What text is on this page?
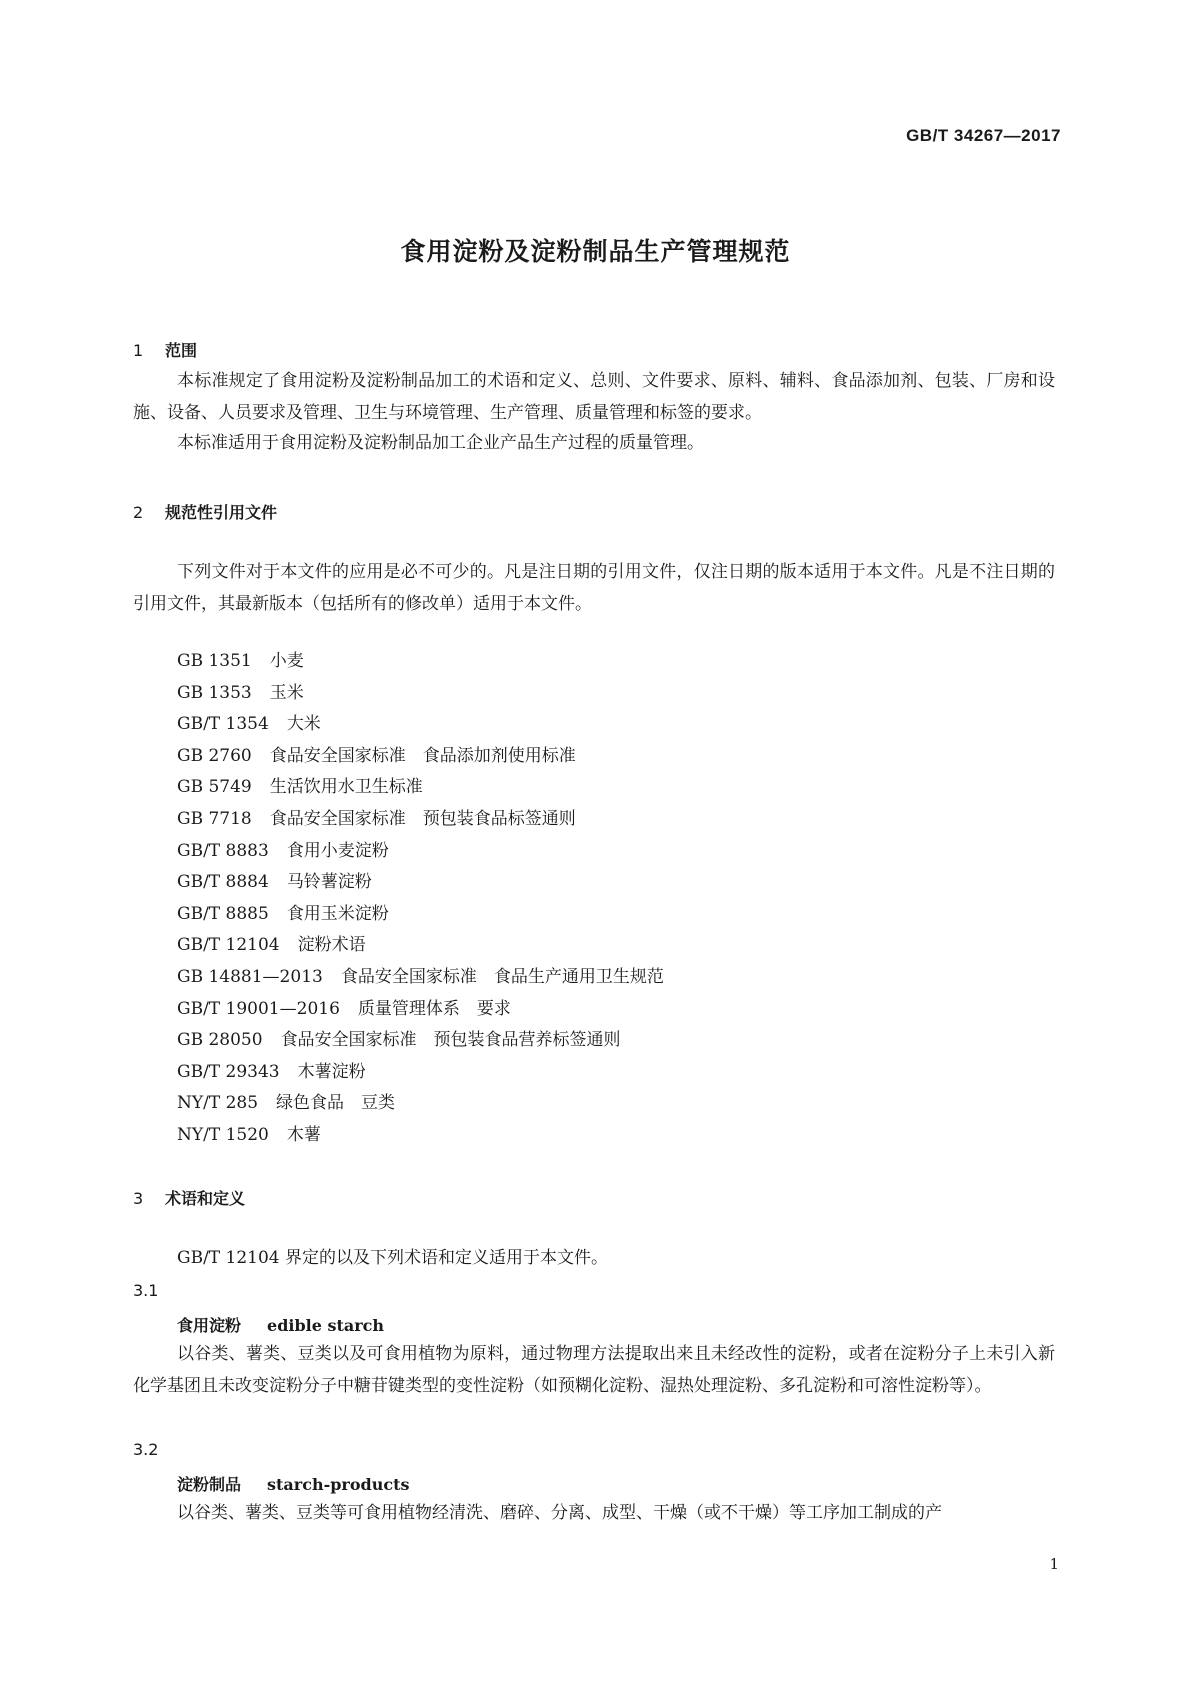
GB/T 34267—2017
食用淀粉及淀粉制品生产管理规范
1 范围

本标准规定了食用淀粉及淀粉制品加工的术语和定义、总则、文件要求、原料、辅料、食品添加剂、包装、厂房和设施、设备、人员要求及管理、卫生与环境管理、生产管理、质量管理和标签的要求。

本标准适用于食用淀粉及淀粉制品加工企业产品生产过程的质量管理。

2 规范性引用文件

下列文件对于本文件的应用是必不可少的。凡是注日期的引用文件，仅注日期的版本适用于本文件。凡是不注日期的引用文件，其最新版本（包括所有的修改单）适用于本文件。

GB 1351 小麦
GB 1353 玉米
GB/T 1354 大米
GB 2760 食品安全国家标准　食品添加剂使用标准
GB 5749 生活饮用水卫生标准
GB 7718 食品安全国家标准　预包装食品标签通则
GB/T 8883 食用小麦淀粉
GB/T 8884 马铃薯淀粉
GB/T 8885 食用玉米淀粉
GB/T 12104 淀粉术语
GB 14881—2013 食品安全国家标准　食品生产通用卫生规范
GB/T 19001—2016 质量管理体系　要求
GB 28050 食品安全国家标准　预包装食品营养标签通则
GB/T 29343 木薯淀粉
NY/T 285 绿色食品　豆类
NY/T 1520 木薯
3 术语和定义

GB/T 12104 界定的以及下列术语和定义适用于本文件。

3.1
食用淀粉 edible starch

以谷类、薯类、豆类以及可食用植物为原料，通过物理方法提取出来且未经改性的淀粉，或者在淀粉分子上未引入新化学基团且未改变淀粉分子中糖苷键类型的变性淀粉（如预糊化淀粉、湿热处理淀粉、多孔淀粉和可溶性淀粉等）。

3.2
淀粉制品 starch-products

以谷类、薯类、豆类等可食用植物经清洗、磨碎、分离、成型、干燥（或不干燥）等工序加工制成的产

1
